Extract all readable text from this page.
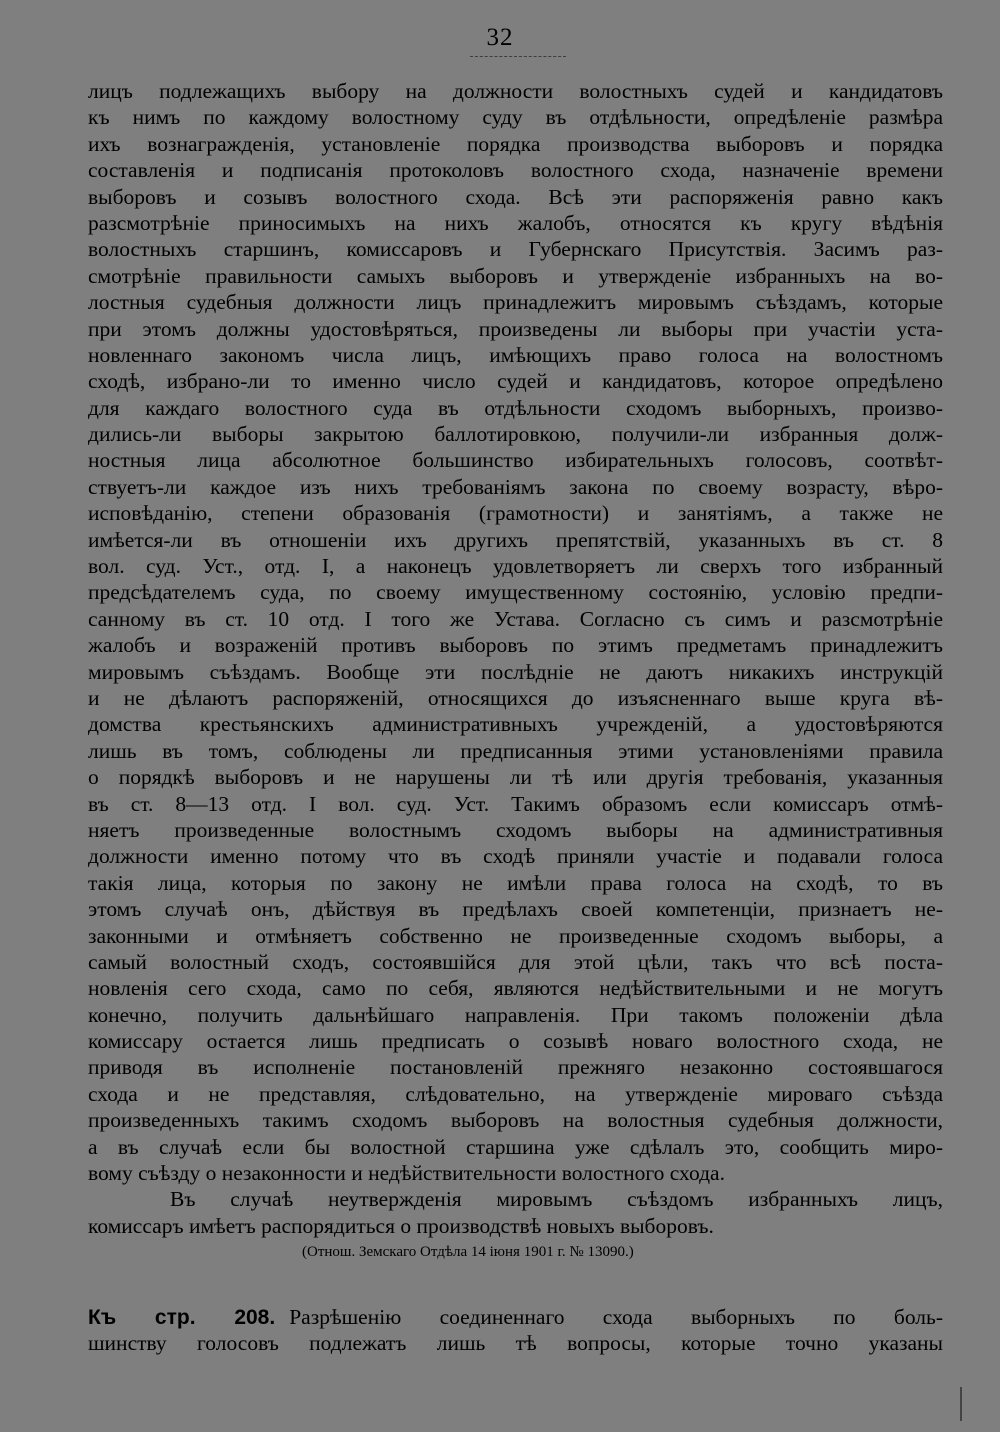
32
лицъ подлежащихъ выбору на должности волостныхъ судей и кандидатовъ
къ нимъ по каждому волостному суду въ отдѣльности, опредѣленіе размѣра
ихъ вознагражденія, установленіе порядка производства выборовъ и порядка
составленія и подписанія протоколовъ волостного схода, назначеніе времени
выборовъ и созывъ волостного схода. Всѣ эти распоряженія равно какъ
разсмотрѣніе приносимыхъ на нихъ жалобъ, относятся къ кругу вѣдѣнія
волостныхъ старшинъ, комиссаровъ и Губернскаго Присутствія. Засимъ раз-
смотрѣніе правильности самыхъ выборовъ и утвержденіе избранныхъ на во-
лостныя судебныя должности лицъ принадлежитъ мировымъ съѣздамъ, которые
при этомъ должны удостовѣряться, произведены ли выборы при участіи уста-
новленнаго закономъ числа лицъ, имѣющихъ право голоса на волостномъ
сходѣ, избрано-ли то именно число судей и кандидатовъ, которое опредѣлено
для каждаго волостного суда въ отдѣльности сходомъ выборныхъ, произво-
дились-ли выборы закрытою баллотировкою, получили-ли избранныя долж-
ностныя лица абсолютное большинство избирательныхъ голосовъ, соотвѣт-
ствуетъ-ли каждое изъ нихъ требованіямъ закона по своему возрасту, вѣро-
исповѣданію, степени образованія (грамотности) и занятіямъ, а также не
имѣется-ли въ отношеніи ихъ другихъ препятствій, указанныхъ въ ст. 8
вол. суд. Уст., отд. I, а наконецъ удовлетворяетъ ли сверхъ того избранный
предсѣдателемъ суда, по своему имущественному состоянію, условію предпи-
санному въ ст. 10 отд. I того же Устава. Согласно съ симъ и разсмотрѣніе
жалобъ и возраженій противъ выборовъ по этимъ предметамъ принадлежитъ
мировымъ съѣздамъ. Вообще эти послѣдніе не даютъ никакихъ инструкцій
и не дѣлаютъ распоряженій, относящихся до изъясненнаго выше круга вѣ-
домства крестьянскихъ административныхъ учрежденій, а удостовѣряются
лишь въ томъ, соблюдены ли предписанныя этими установленіями правила
о порядкѣ выборовъ и не нарушены ли тѣ или другія требованія, указанныя
въ ст. 8—13 отд. I вол. суд. Уст. Такимъ образомъ если комиссаръ отмѣ-
няетъ произведенные волостнымъ сходомъ выборы на административныя
должности именно потому что въ сходѣ приняли участіе и подавали голоса
такія лица, которыя по закону не имѣли права голоса на сходѣ, то въ
этомъ случаѣ онъ, дѣйствуя въ предѣлахъ своей компетенціи, признаетъ не-
законными и отмѣняетъ собственно не произведенные сходомъ выборы, а
самый волостный сходъ, состоявшійся для этой цѣли, такъ что всѣ поста-
новленія сего схода, само по себя, являются недѣйствительными и не могутъ
конечно, получить дальнѣйшаго направленія. При такомъ положеніи дѣла
комиссару остается лишь предписать о созывѣ новаго волостного схода, не
приводя въ исполненіе постановленій прежняго незаконно состоявшагося
схода и не представляя, слѣдовательно, на утвержденіе мироваго съѣзда
произведенныхъ такимъ сходомъ выборовъ на волостныя судебныя должности,
а въ случаѣ если бы волостной старшина уже сдѣлалъ это, сообщить миро-
вому съѣзду о незаконности и недѣйствительности волостного схода.
Въ случаѣ неутвержденія мировымъ съѣздомъ избранныхъ лицъ,
комиссаръ имѣетъ распорядиться о производствѣ новыхъ выборовъ.
(Отнош. Земскаго Отдѣла 14 іюня 1901 г. № 13090.)
Къ стр. 208. Разрѣшенію соединеннаго схода выборныхъ по боль-
шинству голосовъ подлежатъ лишь тѣ вопросы, которые точно указаны
